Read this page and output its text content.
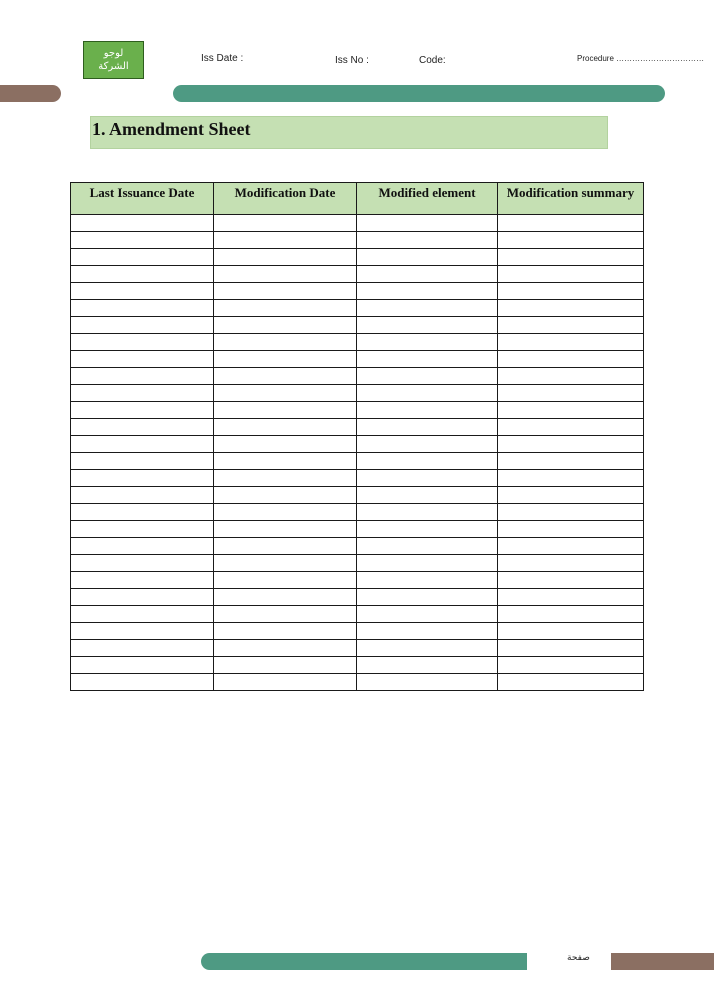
لوجو
الشركة
Iss Date :	Iss No :	Code:	Procedure ……………………………
1. Amendment Sheet
Last Issuance Date	Modification Date	Modified element	Modification summary

صفحة
